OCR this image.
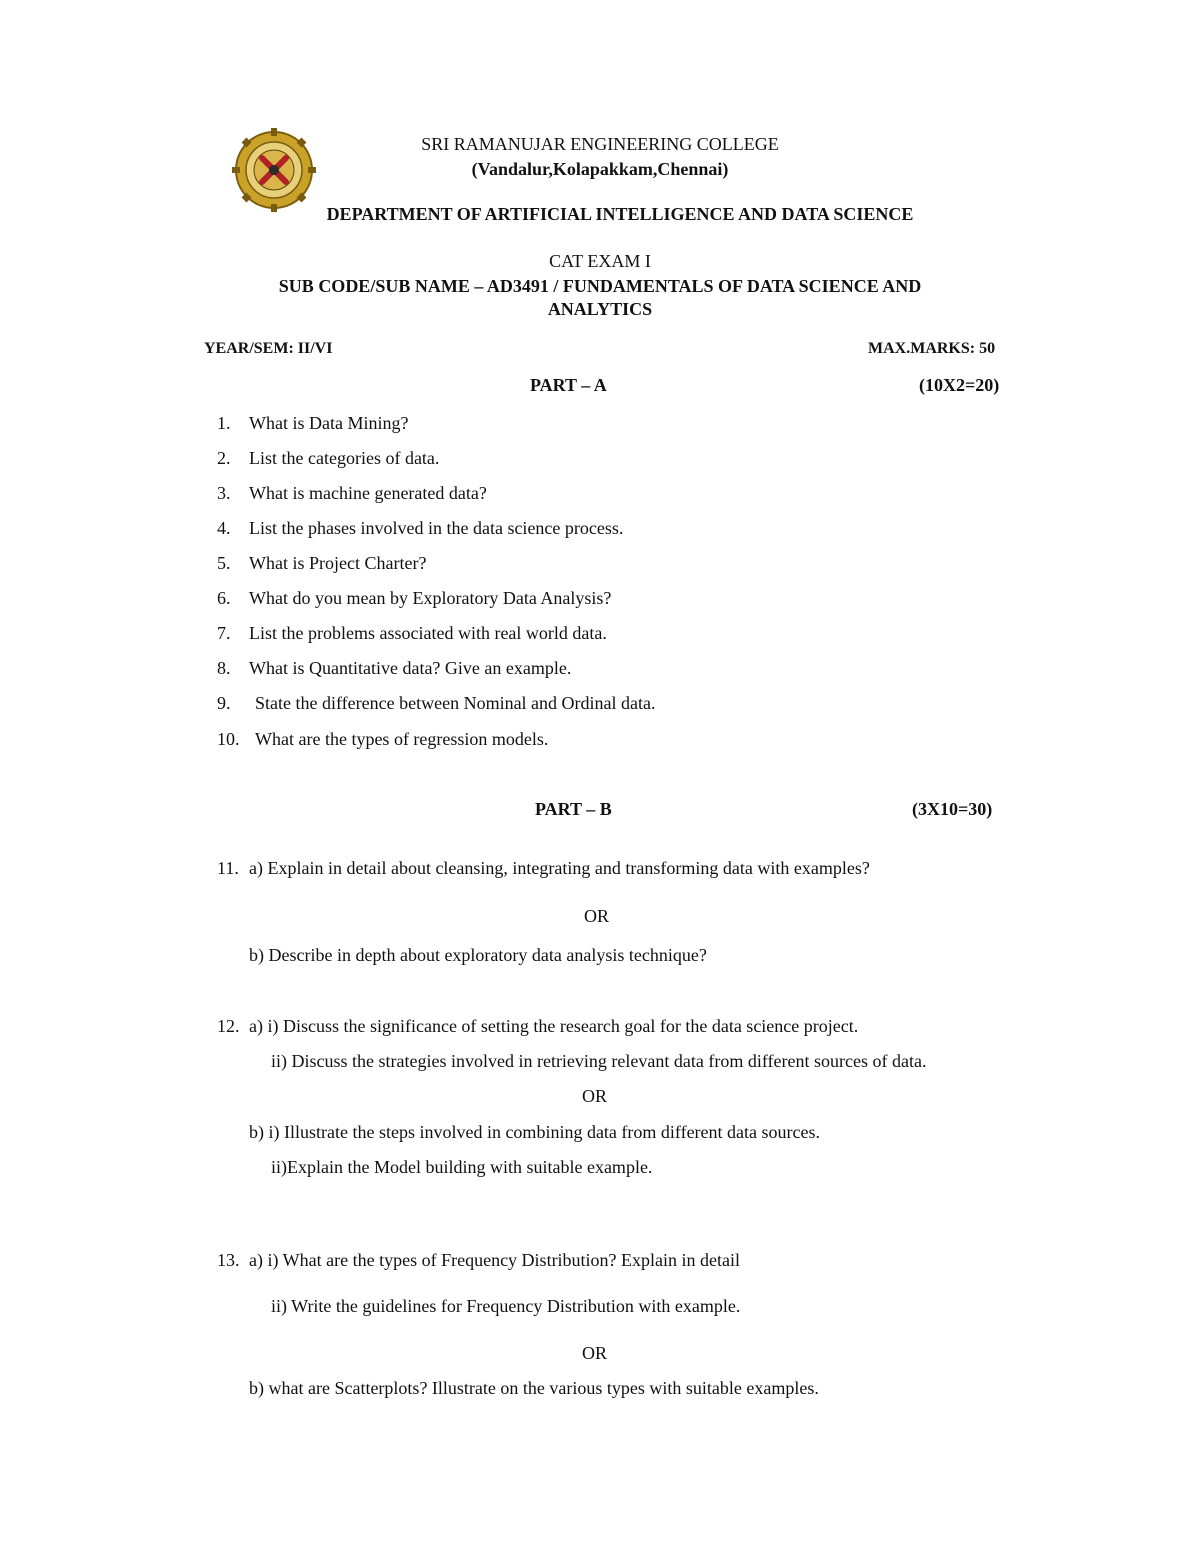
SRI RAMANUJAR ENGINEERING COLLEGE
(Vandalur,Kolapakkam,Chennai)
DEPARTMENT OF ARTIFICIAL INTELLIGENCE AND DATA SCIENCE
CAT EXAM I
SUB CODE/SUB NAME – AD3491 / FUNDAMENTALS OF DATA SCIENCE AND
ANALYTICS
YEAR/SEM: II/VI	MAX.MARKS: 50
PART – A	(10X2=20)
1. What is Data Mining?
2. List the categories of data.
3. What is machine generated data?
4. List the phases involved in the data science process.
5. What is Project Charter?
6. What do you mean by Exploratory Data Analysis?
7. List the problems associated with real world data.
8. What is Quantitative data? Give an example.
9. State the difference between Nominal and Ordinal data.
10. What are the types of regression models.
PART – B	(3X10=30)
11. a) Explain in detail about cleansing, integrating and transforming data with examples?
OR
b) Describe in depth about exploratory data analysis technique?
12. a) i) Discuss the significance of setting the research goal for the data science project.
ii) Discuss the strategies involved in retrieving relevant data from different sources of data.
OR
b) i) Illustrate the steps involved in combining data from different data sources.
ii)Explain the Model building with suitable example.
13. a) i) What are the types of Frequency Distribution? Explain in detail
ii) Write the guidelines for Frequency Distribution with example.
OR
b) what are Scatterplots? Illustrate on the various types with suitable examples.
